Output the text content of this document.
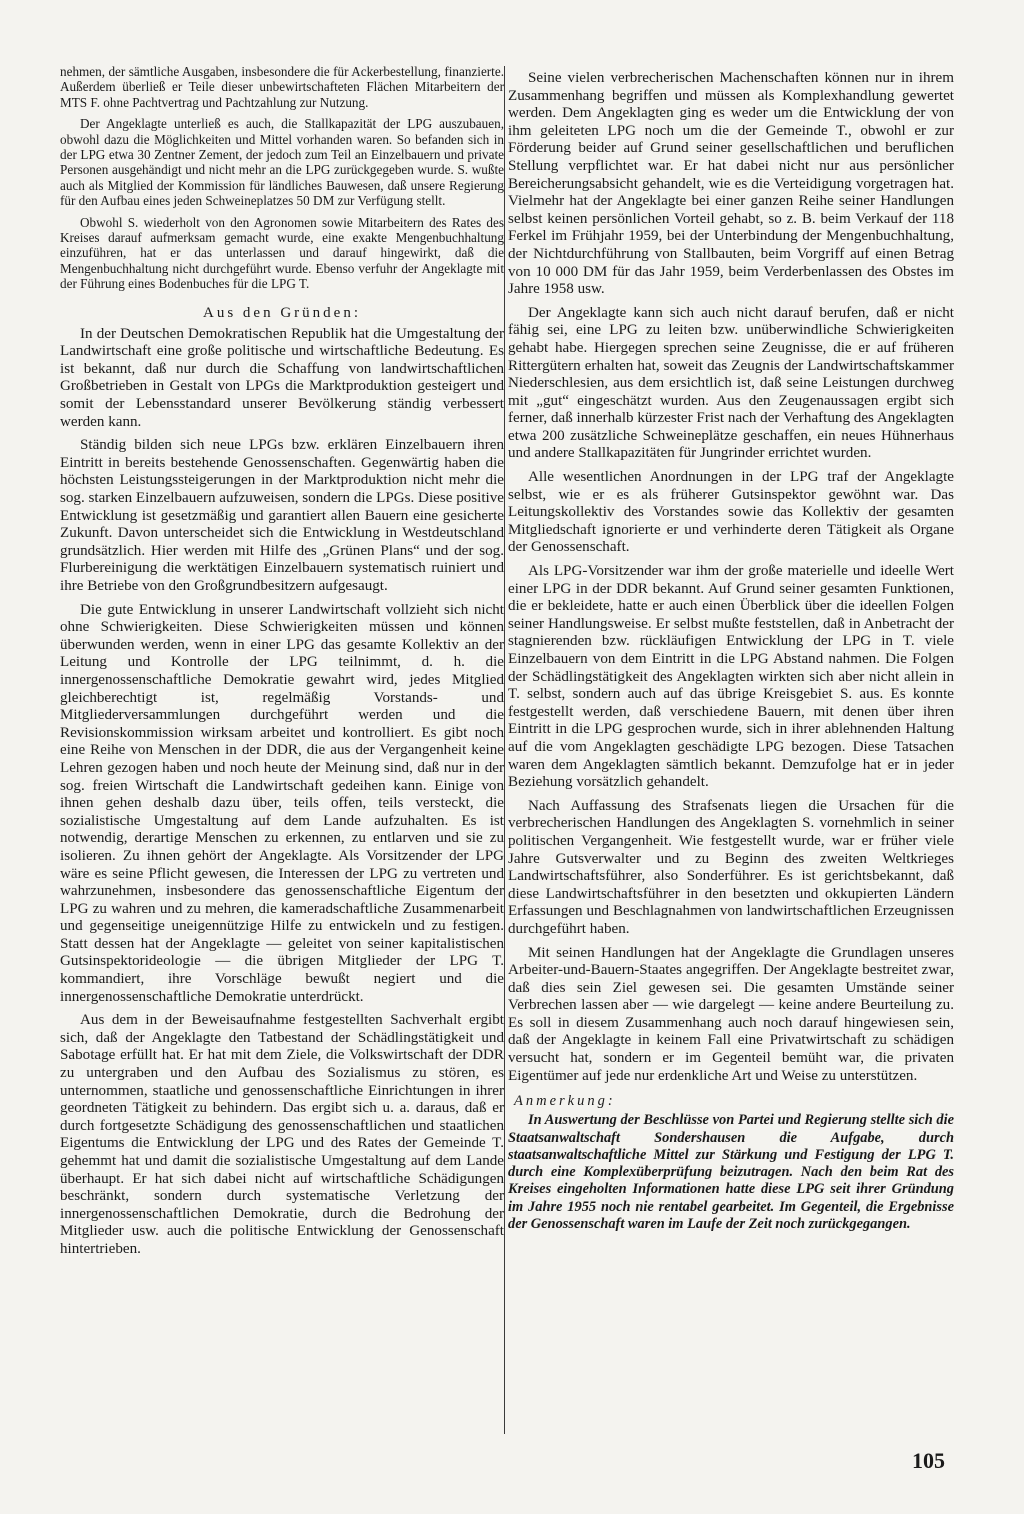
nehmen, der sämtliche Ausgaben, insbesondere die für Ackerbestellung, finanzierte. Außerdem überließ er Teile dieser unbewirtschafteten Flächen Mitarbeitern der MTS F. ohne Pachtvertrag und Pachtzahlung zur Nutzung.

Der Angeklagte unterließ es auch, die Stallkapazität der LPG auszubauen, obwohl dazu die Möglichkeiten und Mittel vorhanden waren. So befanden sich in der LPG etwa 30 Zentner Zement, der jedoch zum Teil an Einzelbauern und private Personen ausgehändigt und nicht mehr an die LPG zurückgegeben wurde. S. wußte auch als Mitglied der Kommission für ländliches Bauwesen, daß unsere Regierung für den Aufbau eines jeden Schweineplatzes 50 DM zur Verfügung stellt.

Obwohl S. wiederholt von den Agronomen sowie Mitarbeitern des Rates des Kreises darauf aufmerksam gemacht wurde, eine exakte Mengenbuchhaltung einzuführen, hat er das unterlassen und darauf hingewirkt, daß die Mengenbuchhaltung nicht durchgeführt wurde. Ebenso verfuhr der Angeklagte mit der Führung eines Bodenbuches für die LPG T.

Aus den Gründen:

In der Deutschen Demokratischen Republik hat die Umgestaltung der Landwirtschaft eine große politische und wirtschaftliche Bedeutung. Es ist bekannt, daß nur durch die Schaffung von landwirtschaftlichen Großbetrieben in Gestalt von LPGs die Marktproduktion gesteigert und somit der Lebensstandard unserer Bevölkerung ständig verbessert werden kann.

Ständig bilden sich neue LPGs bzw. erklären Einzelbauern ihren Eintritt in bereits bestehende Genossenschaften. Gegenwärtig haben die höchsten Leistungssteigerungen in der Marktproduktion nicht mehr die sog. starken Einzelbauern aufzuweisen, sondern die LPGs. Diese positive Entwicklung ist gesetzmäßig und garantiert allen Bauern eine gesicherte Zukunft. Davon unterscheidet sich die Entwicklung in Westdeutschland grundsätzlich. Hier werden mit Hilfe des „Grünen Plans“ und der sog. Flurbereinigung die werktätigen Einzelbauern systematisch ruiniert und ihre Betriebe von den Großgrundbesitzern aufgesaugt.

Die gute Entwicklung in unserer Landwirtschaft vollzieht sich nicht ohne Schwierigkeiten. Diese Schwierigkeiten müssen und können überwunden werden, wenn in einer LPG das gesamte Kollektiv an der Leitung und Kontrolle der LPG teilnimmt, d. h. die innergenossenschaftliche Demokratie gewahrt wird, jedes Mitglied gleichberechtigt ist, regelmäßig Vorstands- und Mitgliederversammlungen durchgeführt werden und die Revisionskommission wirksam arbeitet und kontrolliert. Es gibt noch eine Reihe von Menschen in der DDR, die aus der Vergangenheit keine Lehren gezogen haben und noch heute der Meinung sind, daß nur in der sog. freien Wirtschaft die Landwirtschaft gedeihen kann. Einige von ihnen gehen deshalb dazu über, teils offen, teils versteckt, die sozialistische Umgestaltung auf dem Lande aufzuhalten. Es ist notwendig, derartige Menschen zu erkennen, zu entlarven und sie zu isolieren. Zu ihnen gehört der Angeklagte. Als Vorsitzender der LPG wäre es seine Pflicht gewesen, die Interessen der LPG zu vertreten und wahrzunehmen, insbesondere das genossenschaftliche Eigentum der LPG zu wahren und zu mehren, die kameradschaftliche Zusammenarbeit und gegenseitige uneigennützige Hilfe zu entwickeln und zu festigen. Statt dessen hat der Angeklagte — geleitet von seiner kapitalistischen Gutsinspektorideologie — die übrigen Mitglieder der LPG T. kommandiert, ihre Vorschläge bewußt negiert und die innergenossenschaftliche Demokratie unterdrückt.

Aus dem in der Beweisaufnahme festgestellten Sachverhalt ergibt sich, daß der Angeklagte den Tatbestand der Schädlingstätigkeit und Sabotage erfüllt hat. Er hat mit dem Ziele, die Volkswirtschaft der DDR zu untergraben und den Aufbau des Sozialismus zu stören, es unternommen, staatliche und genossenschaftliche Einrichtungen in ihrer geordneten Tätigkeit zu behindern. Das ergibt sich u. a. daraus, daß er durch fortgesetzte Schädigung des genossenschaftlichen und staatlichen Eigentums die Entwicklung der LPG und des Rates der Gemeinde T. gehemmt hat und damit die sozialistische Umgestaltung auf dem Lande überhaupt. Er hat sich dabei nicht auf wirtschaftliche Schädigungen beschränkt, sondern durch systematische Verletzung der innergenossenschaftlichen Demokratie, durch die Bedrohung der Mitglieder usw. auch die politische Entwicklung der Genossenschaft hintertrieben.

Seine vielen verbrecherischen Machenschaften können nur in ihrem Zusammenhang begriffen und müssen als Komplexhandlung gewertet werden. Dem Angeklagten ging es weder um die Entwicklung der von ihm geleiteten LPG noch um die der Gemeinde T., obwohl er zur Förderung beider auf Grund seiner gesellschaftlichen und beruflichen Stellung verpflichtet war. Er hat dabei nicht nur aus persönlicher Bereicherungsabsicht gehandelt, wie es die Verteidigung vorgetragen hat. Vielmehr hat der Angeklagte bei einer ganzen Reihe seiner Handlungen selbst keinen persönlichen Vorteil gehabt, so z. B. beim Verkauf der 118 Ferkel im Frühjahr 1959, bei der Unterbindung der Mengenbuchhaltung, der Nichtdurchführung von Stallbauten, beim Vorgriff auf einen Betrag von 10 000 DM für das Jahr 1959, beim Verderbenlassen des Obstes im Jahre 1958 usw.

Der Angeklagte kann sich auch nicht darauf berufen, daß er nicht fähig sei, eine LPG zu leiten bzw. unüberwindliche Schwierigkeiten gehabt habe. Hiergegen sprechen seine Zeugnisse, die er auf früheren Rittergütern erhalten hat, soweit das Zeugnis der Landwirtschaftskammer Niederschlesien, aus dem ersichtlich ist, daß seine Leistungen durchweg mit „gut“ eingeschätzt wurden. Aus den Zeugenaussagen ergibt sich ferner, daß innerhalb kürzester Frist nach der Verhaftung des Angeklagten etwa 200 zusätzliche Schweineplätze geschaffen, ein neues Hühnerhaus und andere Stallkapazitäten für Jungrinder errichtet wurden.

Alle wesentlichen Anordnungen in der LPG traf der Angeklagte selbst, wie er es als früherer Gutsinspektor gewöhnt war. Das Leitungskollektiv des Vorstandes sowie das Kollektiv der gesamten Mitgliedschaft ignorierte er und verhinderte deren Tätigkeit als Organe der Genossenschaft.

Als LPG-Vorsitzender war ihm der große materielle und ideelle Wert einer LPG in der DDR bekannt. Auf Grund seiner gesamten Funktionen, die er bekleidete, hatte er auch einen Überblick über die ideellen Folgen seiner Handlungsweise. Er selbst mußte feststellen, daß in Anbetracht der stagnierenden bzw. rückläufigen Entwicklung der LPG in T. viele Einzelbauern von dem Eintritt in die LPG Abstand nahmen. Die Folgen der Schädlingstätigkeit des Angeklagten wirkten sich aber nicht allein in T. selbst, sondern auch auf das übrige Kreisgebiet S. aus. Es konnte festgestellt werden, daß verschiedene Bauern, mit denen über ihren Eintritt in die LPG gesprochen wurde, sich in ihrer ablehnenden Haltung auf die vom Angeklagten geschädigte LPG bezogen. Diese Tatsachen waren dem Angeklagten sämtlich bekannt. Demzufolge hat er in jeder Beziehung vorsätzlich gehandelt.

Nach Auffassung des Strafsenats liegen die Ursachen für die verbrecherischen Handlungen des Angeklagten S. vornehmlich in seiner politischen Vergangenheit. Wie festgestellt wurde, war er früher viele Jahre Gutsverwalter und zu Beginn des zweiten Weltkrieges Landwirtschaftsführer, also Sonderführer. Es ist gerichtsbekannt, daß diese Landwirtschaftsführer in den besetzten und okkupierten Ländern Erfassungen und Beschlagnahmen von landwirtschaftlichen Erzeugnissen durchgeführt haben.

Mit seinen Handlungen hat der Angeklagte die Grundlagen unseres Arbeiter-und-Bauern-Staates angegriffen. Der Angeklagte bestreitet zwar, daß dies sein Ziel gewesen sei. Die gesamten Umstände seiner Verbrechen lassen aber — wie dargelegt — keine andere Beurteilung zu. Es soll in diesem Zusammenhang auch noch darauf hingewiesen sein, daß der Angeklagte in keinem Fall eine Privatwirtschaft zu schädigen versucht hat, sondern er im Gegenteil bemüht war, die privaten Eigentümer auf jede nur erdenkliche Art und Weise zu unterstützen.

Anmerkung:

In Auswertung der Beschlüsse von Partei und Regierung stellte sich die Staatsanwaltschaft Sondershausen die Aufgabe, durch staatsanwaltschaftliche Mittel zur Stärkung und Festigung der LPG T. durch eine Komplexüberprüfung beizutragen. Nach den beim Rat des Kreises eingeholten Informationen hatte diese LPG seit ihrer Gründung im Jahre 1955 noch nie rentabel gearbeitet. Im Gegenteil, die Ergebnisse der Genossenschaft waren im Laufe der Zeit noch zurückgegangen.

105
